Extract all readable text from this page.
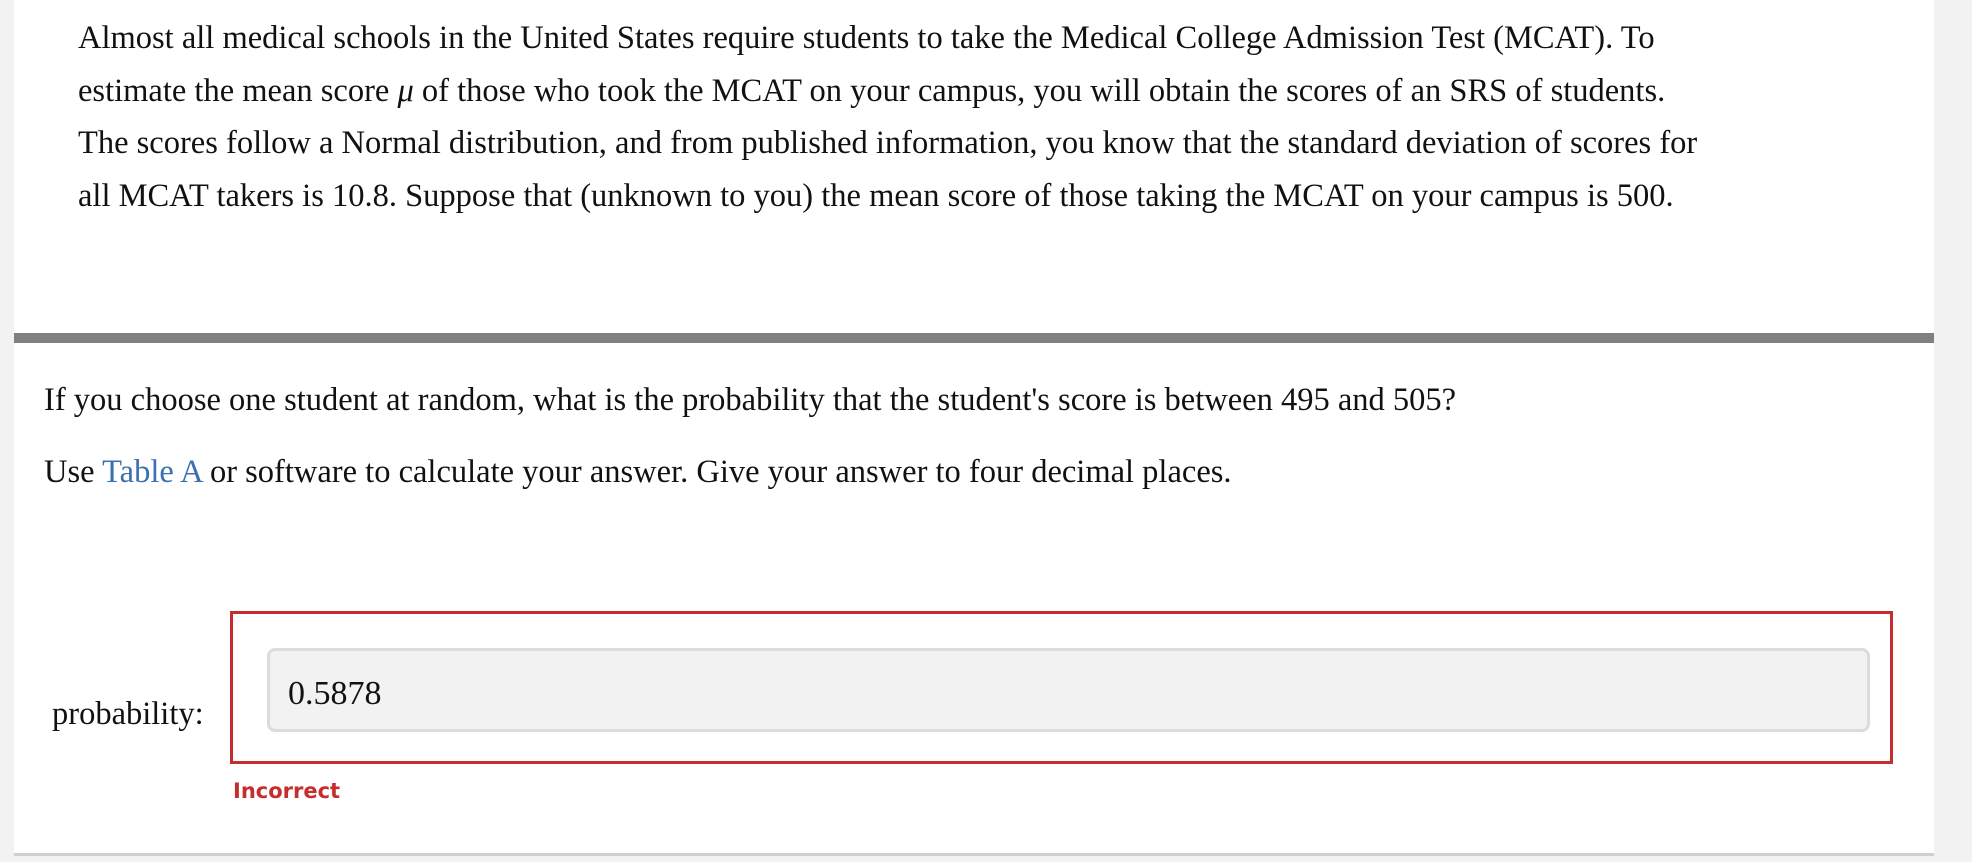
Almost all medical schools in the United States require students to take the Medical College Admission Test (MCAT). To
estimate the mean score μ of those who took the MCAT on your campus, you will obtain the scores of an SRS of students.
The scores follow a Normal distribution, and from published information, you know that the standard deviation of scores for
all MCAT takers is 10.8. Suppose that (unknown to you) the mean score of those taking the MCAT on your campus is 500.

If you choose one student at random, what is the probability that the student's score is between 495 and 505?

Use Table A or software to calculate your answer. Give your answer to four decimal places.

probability:
0.5878
Incorrect
